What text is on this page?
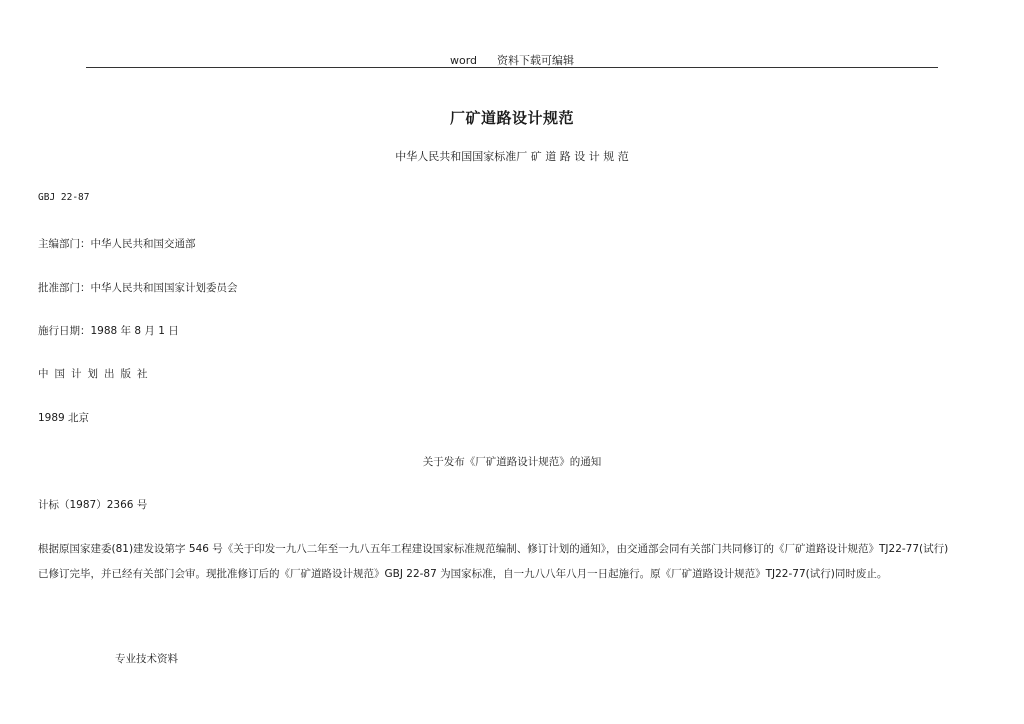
word 资料下载可编辑
厂矿道路设计规范
中华人民共和国国家标准厂 矿 道 路 设 计 规 范
GBJ 22-87
主编部门：中华人民共和国交通部
批准部门：中华人民共和国国家计划委员会
施行日期：1988 年 8 月 1 日
中国计划出版社
1989 北京
关于发布《厂矿道路设计规范》的通知
计标（1987）2366 号
根据原国家建委(81)建发设第字 546 号《关于印发一九八二年至一九八五年工程建设国家标准规范编制、修订计划的通知》，由交通部会同有关部门共同修订的《厂矿道路设计规范》TJ22-77(试行)
已修订完毕，并已经有关部门会审。现批准修订后的《厂矿道路设计规范》GBJ 22-87 为国家标准，自一九八八年八月一日起施行。原《厂矿道路设计规范》TJ22-77(试行)同时废止。
专业技术资料
